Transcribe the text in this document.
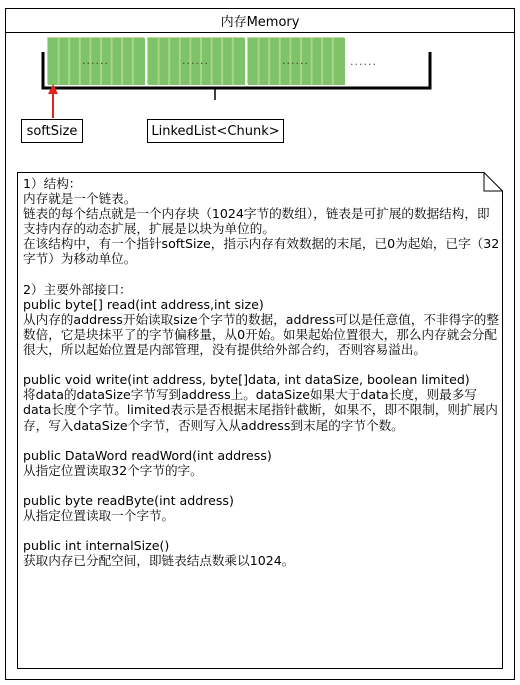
内存Memory
......	......	......	......
softSize	LinkedList<Chunk>
1）结构：
内存就是一个链表。
链表的每个结点就是一个内存块（1024字节的数组），链表是可扩展的数据结构，即支持内存的动态扩展，扩展是以块为单位的。
在该结构中，有一个指针softSize，指示内存有效数据的末尾，已0为起始，已字（32字节）为移动单位。

2）主要外部接口：
public byte[] read(int address,int size)
从内存的address开始读取size个字节的数据，address可以是任意值，不非得字的整数倍，它是块抹平了的字节偏移量，从0开始。如果起始位置很大，那么内存就会分配很大，所以起始位置是内部管理，没有提供给外部合约，否则容易溢出。

public void write(int address, byte[]data, int dataSize, boolean limited)
将data的dataSize字节写到address上。dataSize如果大于data长度，则最多写data长度个字节。limited表示是否根据末尾指针截断，如果不，即不限制，则扩展内存，写入dataSize个字节，否则写入从address到末尾的字节个数。

public DataWord readWord(int address)
从指定位置读取32个字节的字。

public byte readByte(int address)
从指定位置读取一个字节。

public int internalSize()
获取内存已分配空间，即链表结点数乘以1024。
